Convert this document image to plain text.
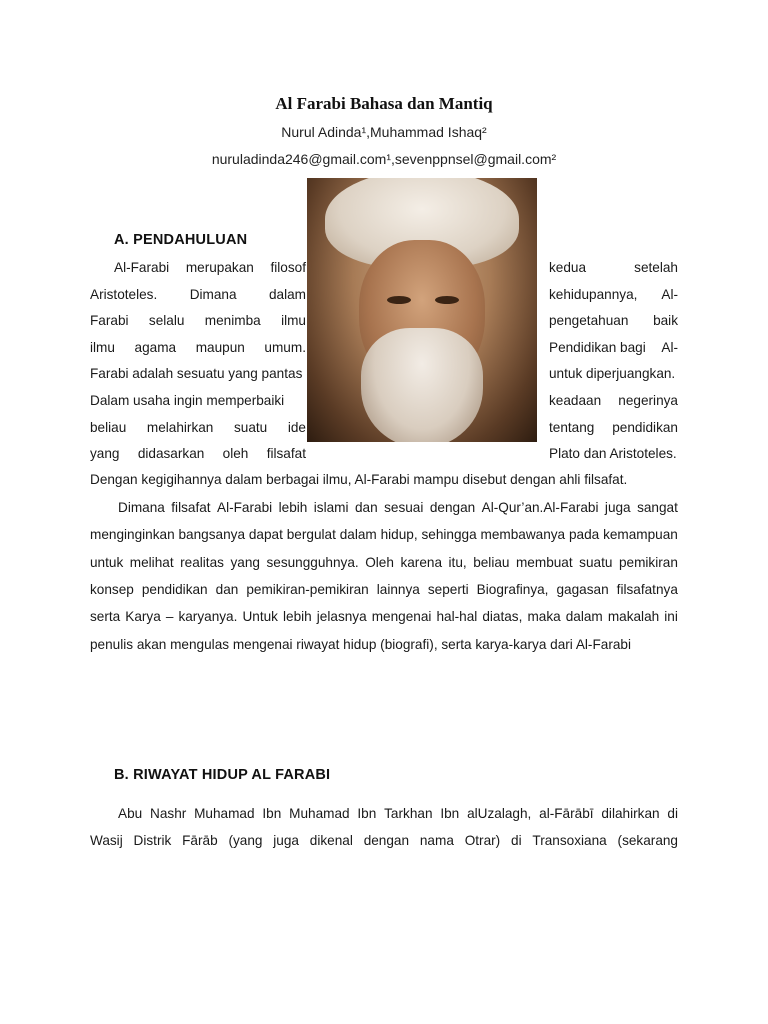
Al Farabi Bahasa dan Mantiq
Nurul Adinda¹,Muhammad Ishaq²
nuruladinda246@gmail.com¹,sevenppnsel@gmail.com²
A. PENDAHULUAN
Al-Farabi merupakan filosof	kedua	setelah
Aristoteles. Dimana dalam	kehidupannya, Al-
Farabi selalu menimba ilmu	pengetahuan baik
ilmu agama maupun umum.	Pendidikan bagi Al-
Farabi adalah sesuatu yang pantas	untuk diperjuangkan.
Dalam usaha ingin memperbaiki	keadaan negerinya
beliau melahirkan suatu ide	tentang pendidikan
yang didasarkan oleh filsafat	Plato dan Aristoteles.
Dengan kegigihannya dalam berbagai ilmu, Al-Farabi mampu disebut dengan ahli filsafat.
Dimana filsafat Al-Farabi lebih islami dan sesuai dengan Al-Qur’an.Al-Farabi juga sangat
menginginkan bangsanya dapat bergulat dalam hidup, sehingga membawanya pada kemampuan
untuk melihat realitas yang sesungguhnya. Oleh karena itu, beliau membuat suatu pemikiran
konsep pendidikan dan pemikiran-pemikiran lainnya seperti Biografinya, gagasan filsafatnya
serta Karya – karyanya. Untuk lebih jelasnya mengenai hal-hal diatas, maka dalam makalah ini
penulis akan mengulas mengenai riwayat hidup (biografi), serta karya-karya dari Al-Farabi
B. RIWAYAT HIDUP AL FARABI
Abu Nashr Muhamad Ibn Muhamad Ibn Tarkhan Ibn alUzalagh, al-Fārābī dilahirkan di
Wasij Distrik Fārāb (yang juga dikenal dengan nama Otrar) di Transoxiana (sekarang
